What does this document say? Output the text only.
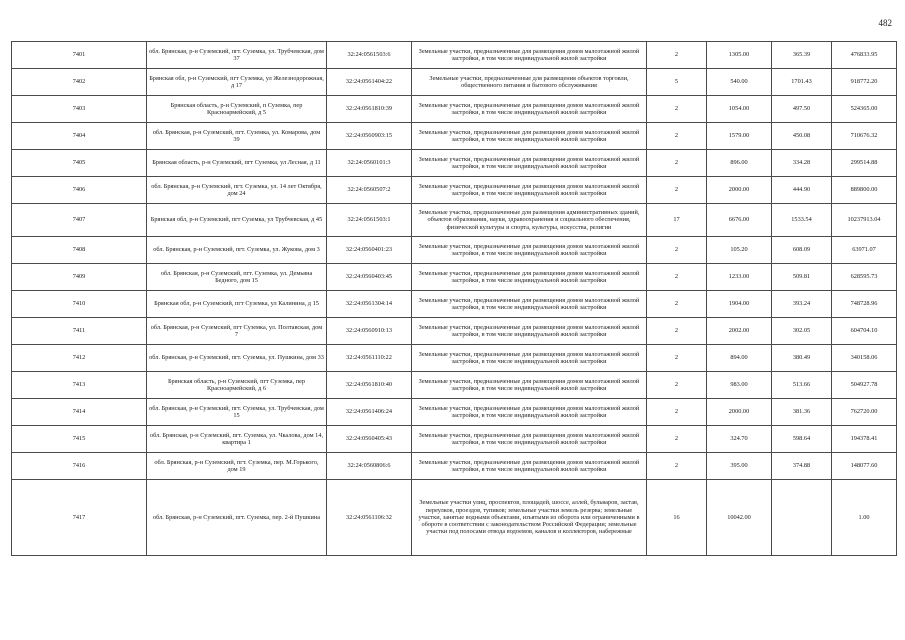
482
7401	обл. Брянская, р-н Суземский, пгт. Суземка, ул. Трубчевская, дом 37	32:24:0561503:6	Земельные участки, предназначенные для размещения домов малоэтажной жилой застройки, в том числе индивидуальной жилой застройки	2	1305.00	365.39	476833.95
7402	Брянская обл, р-н Суземский, пгт Суземка, ул Железнодорожная, д 17	32:24:0561404:22	Земельные участки, предназначенные для размещения объектов торговли, общественного питания и бытового обслуживания	5	540.00	1701.43	918772.20
7403	Брянская область, р-н Суземский, п Суземка, пер Красноармейский, д 5	32:24:0561810:39	Земельные участки, предназначенные для размещения домов малоэтажной жилой застройки, в том числе индивидуальной жилой застройки	2	1054.00	497.50	524365.00
7404	обл. Брянская, р-н Суземский, пгт. Суземка, ул. Комарова, дом 39	32:24:0560903:15	Земельные участки, предназначенные для размещения домов малоэтажной жилой застройки, в том числе индивидуальной жилой застройки	2	1579.00	450.08	710676.32
7405	Брянская область, р-н Суземский, пгт Суземка, ул Лесная, д 11	32:24:0560101:3	Земельные участки, предназначенные для размещения домов малоэтажной жилой застройки, в том числе индивидуальной жилой застройки	2	896.00	334.28	299514.88
7406	обл. Брянская, р-н Суземский, пгт. Суземка, ул. 14 лет Октября, дом 24	32:24:0560507:2	Земельные участки, предназначенные для размещения домов малоэтажной жилой застройки, в том числе индивидуальной жилой застройки	2	2000.00	444.90	889800.00
7407	Брянская обл, р-н Суземский, пгт Суземка, ул Трубчевская, д 45	32:24:0561503:1	Земельные участки, предназначенные для размещения административных зданий, объектов образования, науки, здравоохранения и социального обеспечения, физической культуры и спорта, культуры, искусства, религии	17	6676.00	1533.54	10237913.04
7408	обл. Брянская, р-н Суземский, пгт. Суземка, ул. Жукова, дом 3	32:24:0560401:23	Земельные участки, предназначенные для размещения домов малоэтажной жилой застройки, в том числе индивидуальной жилой застройки	2	105.20	608.09	63971.07
7409	обл. Брянская, р-н Суземский, пгт. Суземка, ул. Демьяна Бедного, дом 15	32:24:0560403:45	Земельные участки, предназначенные для размещения домов малоэтажной жилой застройки, в том числе индивидуальной жилой застройки	2	1233.00	509.81	628595.73
7410	Брянская обл, р-н Суземский, пгт Суземка, ул Калинина, д 15	32:24:0561304:14	Земельные участки, предназначенные для размещения домов малоэтажной жилой застройки, в том числе индивидуальной жилой застройки	2	1904.00	393.24	748728.96
7411	обл. Брянская, р-н Суземский, пгт Суземка, ул. Полтавская, дом 7	32:24:0560910:13	Земельные участки, предназначенные для размещения домов малоэтажной жилой застройки, в том числе индивидуальной жилой застройки	2	2002.00	302.05	604704.10
7412	обл. Брянская, р-н Суземский, пгт. Суземка, ул. Пушкина, дом 33	32:24:0561110:22	Земельные участки, предназначенные для размещения домов малоэтажной жилой застройки, в том числе индивидуальной жилой застройки	2	894.00	380.49	340158.06
7413	Брянская область, р-н Суземский, пгт Суземка, пер Красноармейский, д 6	32:24:0561810:40	Земельные участки, предназначенные для размещения домов малоэтажной жилой застройки, в том числе индивидуальной жилой застройки	2	983.00	513.66	504927.78
7414	обл. Брянская, р-н Суземский, пгт. Суземка, ул. Трубчевская, дом 15	32:24:0561406:24	Земельные участки, предназначенные для размещения домов малоэтажной жилой застройки, в том числе индивидуальной жилой застройки	2	2000.00	381.36	762720.00
7415	обл. Брянская, р-н Суземский, пгт. Суземка, ул. Чкалова, дом 14, квартира 1	32:24:0560405:43	Земельные участки, предназначенные для размещения домов малоэтажной жилой застройки, в том числе индивидуальной жилой застройки	2	324.70	598.64	194378.41
7416	обл. Брянская, р-н Суземский, пгт. Суземка, пер. М.Горького, дом 19	32:24:0560806:6	Земельные участки, предназначенные для размещения домов малоэтажной жилой застройки, в том числе индивидуальной жилой застройки	2	395.00	374.88	148077.60
7417	обл. Брянская, р-н Суземский, пгт. Суземка, пер. 2-й Пушкина	32:24:0561106:32	Земельные участки улиц, проспектов, площадей, шоссе, аллей, бульваров, застав, переулков, проездов, тупиков; земельные участки земель резерва; земельные участки, занятые водными объектами, изъятыми из оборота или ограниченными в обороте в соответствии с законодательством Российской Федерации; земельные участки под полосами отвода водоемов, каналов и коллекторов, набережные	16	10042.00		1.00
